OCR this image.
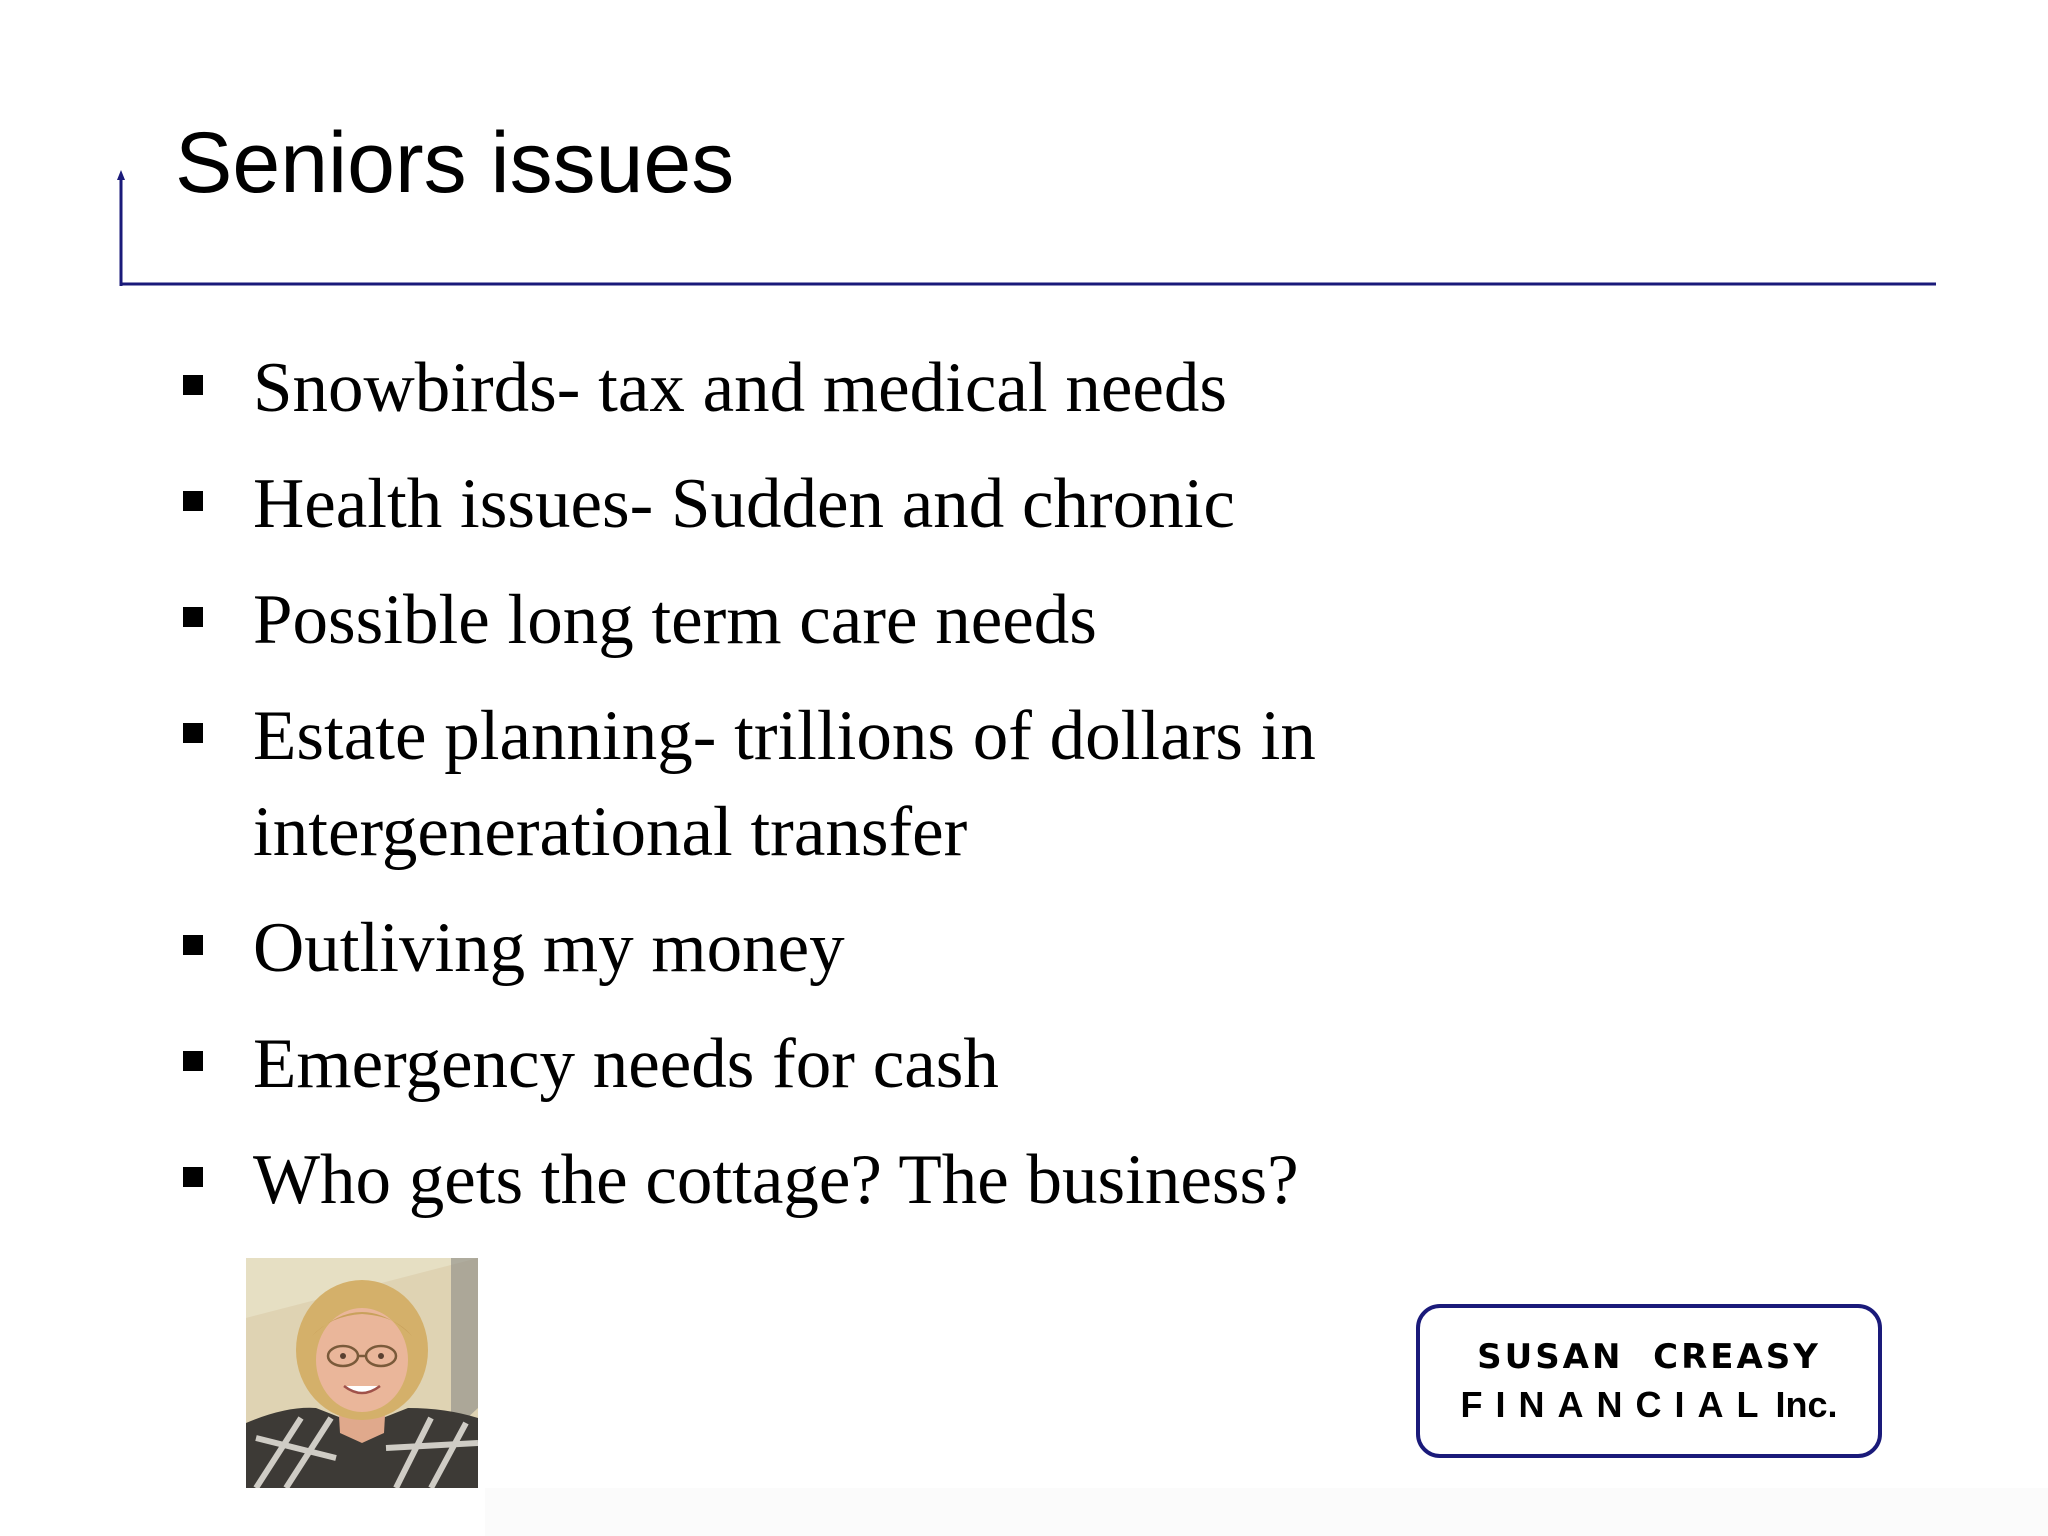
Seniors issues
Snowbirds- tax and medical needs
Health issues- Sudden and chronic
Possible long term care needs
Estate planning- trillions of dollars in intergenerational transfer
Outliving my money
Emergency needs for cash
Who gets the cottage? The business?
SUSAN  CREASY
FINANCIAL Inc.
